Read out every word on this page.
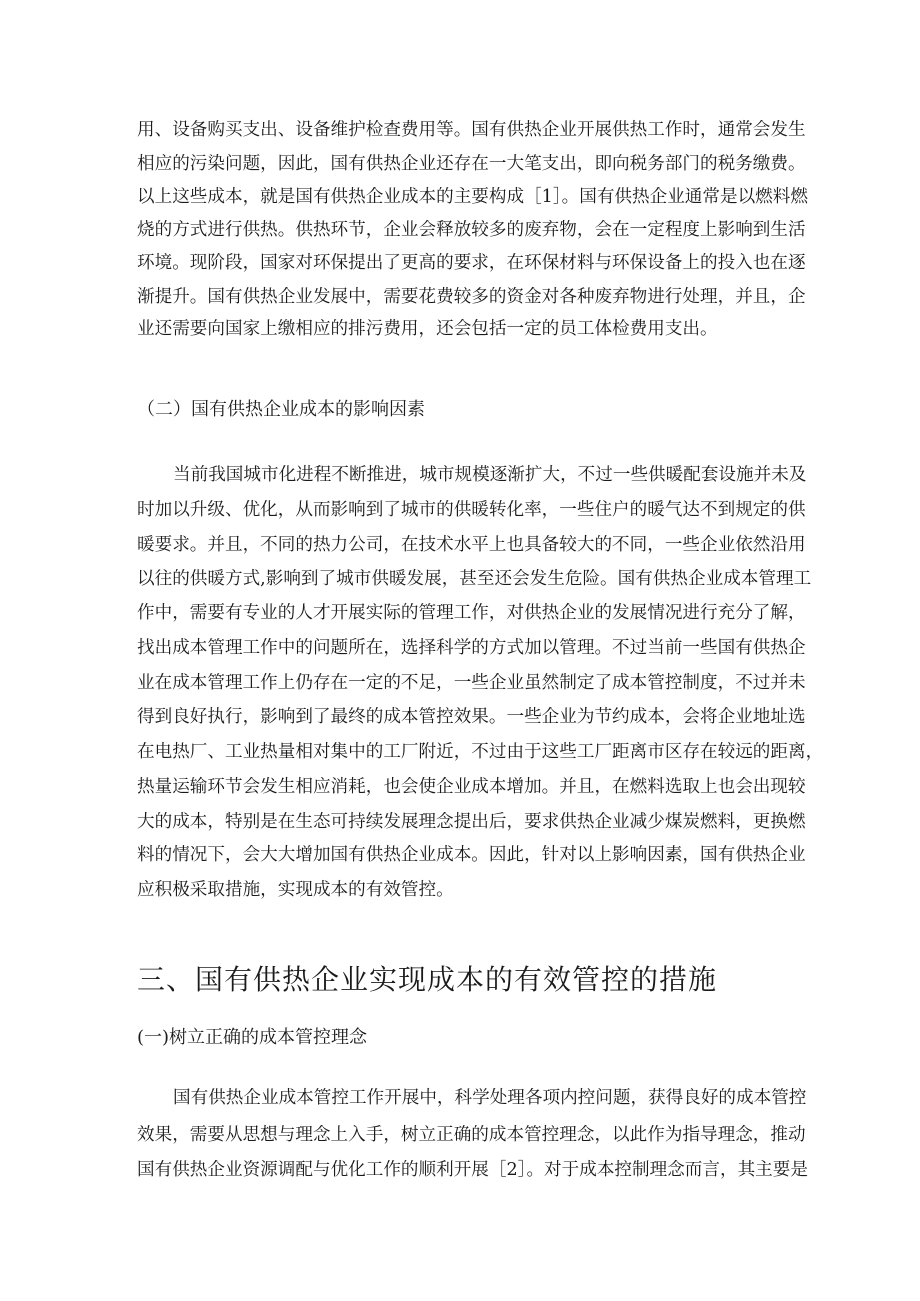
用、设备购买支出、设备维护检查费用等。国有供热企业开展供热工作时，通常会发生
相应的污染问题，因此，国有供热企业还存在一大笔支出，即向税务部门的税务缴费。
以上这些成本，就是国有供热企业成本的主要构成［1］。国有供热企业通常是以燃料燃
烧的方式进行供热。供热环节，企业会释放较多的废弃物，会在一定程度上影响到生活
环境。现阶段，国家对环保提出了更高的要求，在环保材料与环保设备上的投入也在逐
渐提升。国有供热企业发展中，需要花费较多的资金对各种废弃物进行处理，并且，企
业还需要向国家上缴相应的排污费用，还会包括一定的员工体检费用支出。
（二）国有供热企业成本的影响因素
当前我国城市化进程不断推进，城市规模逐渐扩大，不过一些供暖配套设施并未及
时加以升级、优化，从而影响到了城市的供暖转化率，一些住户的暖气达不到规定的供
暖要求。并且，不同的热力公司，在技术水平上也具备较大的不同，一些企业依然沿用
以往的供暖方式,影响到了城市供暖发展，甚至还会发生危险。国有供热企业成本管理工
作中，需要有专业的人才开展实际的管理工作，对供热企业的发展情况进行充分了解，
找出成本管理工作中的问题所在，选择科学的方式加以管理。不过当前一些国有供热企
业在成本管理工作上仍存在一定的不足，一些企业虽然制定了成本管控制度，不过并未
得到良好执行，影响到了最终的成本管控效果。一些企业为节约成本，会将企业地址选
在电热厂、工业热量相对集中的工厂附近，不过由于这些工厂距离市区存在较远的距离，
热量运输环节会发生相应消耗，也会使企业成本增加。并且，在燃料选取上也会出现较
大的成本，特别是在生态可持续发展理念提出后，要求供热企业减少煤炭燃料，更换燃
料的情况下，会大大增加国有供热企业成本。因此，针对以上影响因素，国有供热企业
应积极采取措施，实现成本的有效管控。
三、国有供热企业实现成本的有效管控的措施
(一)树立正确的成本管控理念
国有供热企业成本管控工作开展中，科学处理各项内控问题，获得良好的成本管控
效果，需要从思想与理念上入手，树立正确的成本管控理念，以此作为指导理念，推动
国有供热企业资源调配与优化工作的顺利开展［2］。对于成本控制理念而言，其主要是
